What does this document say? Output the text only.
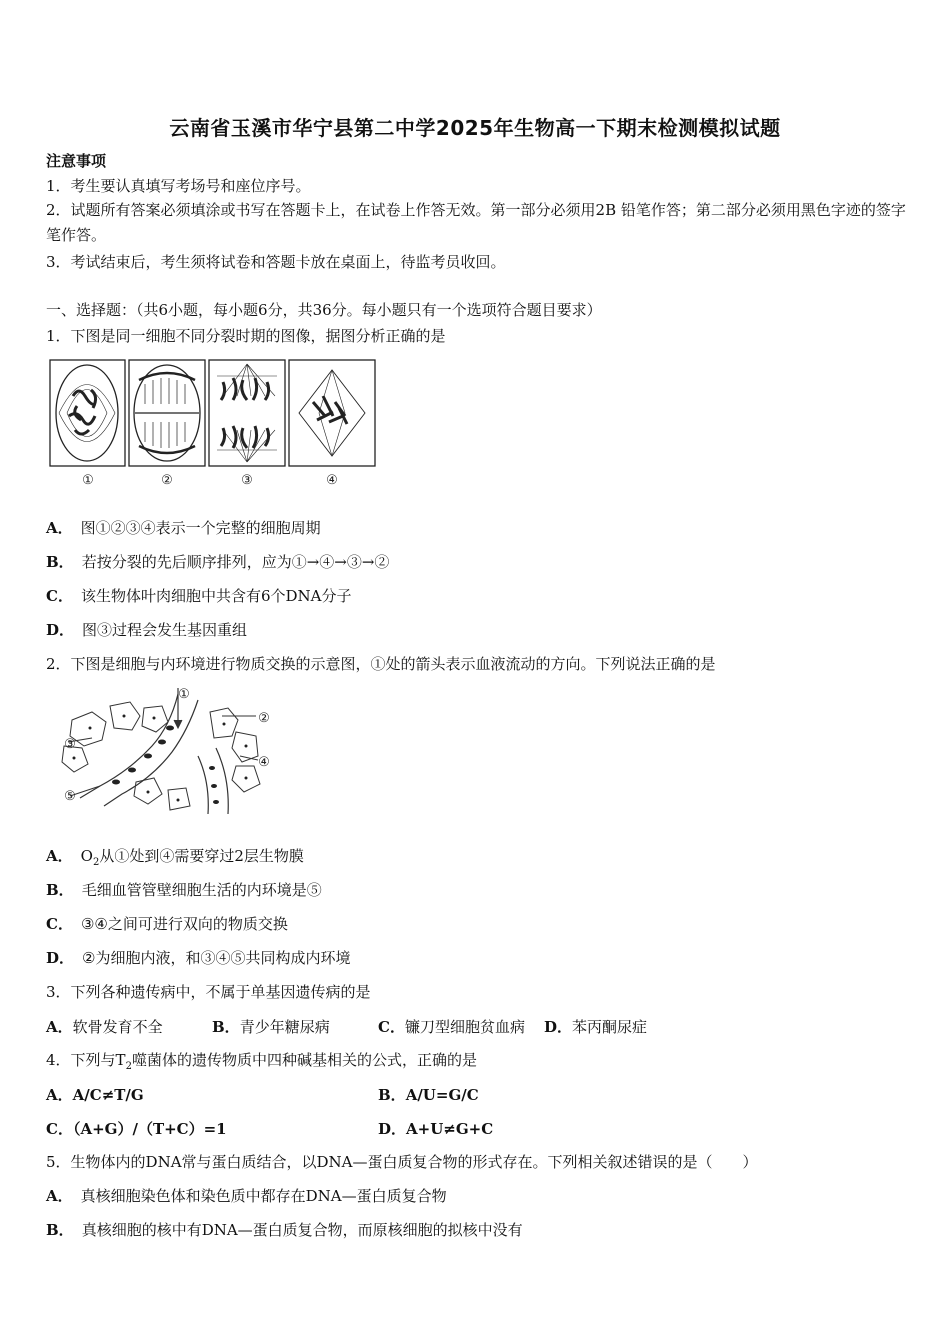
云南省玉溪市华宁县第二中学2025年生物高一下期末检测模拟试题
注意事项
1．考生要认真填写考场号和座位序号。
2．试题所有答案必须填涂或书写在答题卡上，在试卷上作答无效。第一部分必须用2B 铅笔作答；第二部分必须用黑色字迹的签字笔作答。
3．考试结束后，考生须将试卷和答题卡放在桌面上，待监考员收回。
一、选择题：（共6小题，每小题6分，共36分。每小题只有一个选项符合题目要求）
1．下图是同一细胞不同分裂时期的图像，据图分析正确的是
①	②	③	④
A． 图①②③④表示一个完整的细胞周期
B． 若按分裂的先后顺序排列，应为①→④→③→②
C． 该生物体叶肉细胞中共含有6个DNA分子
D． 图③过程会发生基因重组
2．下图是细胞与内环境进行物质交换的示意图，①处的箭头表示血液流动的方向。下列说法正确的是
①
②
③
④
⑤
A． $O_2$从①处到④需要穿过2层生物膜
B． 毛细血管管壁细胞生活的内环境是⑤
C． ③④之间可进行双向的物质交换
D． ②为细胞内液，和③④⑤共同构成内环境
3．下列各种遗传病中，不属于单基因遗传病的是
A．软骨发育不全	B．青少年糖尿病	C．镰刀型细胞贫血病 D．苯丙酮尿症
4．下列与$T_2$噬菌体的遗传物质中四种碱基相关的公式，正确的是
A．A/C≠T/G	B．A/U=G/C
C．（A+G）/（T+C）=1	D．A+U≠G+C
5．生物体内的DNA常与蛋白质结合，以DNA—蛋白质复合物的形式存在。下列相关叙述错误的是（　　）
A． 真核细胞染色体和染色质中都存在DNA—蛋白质复合物
B． 真核细胞的核中有DNA—蛋白质复合物，而原核细胞的拟核中没有
